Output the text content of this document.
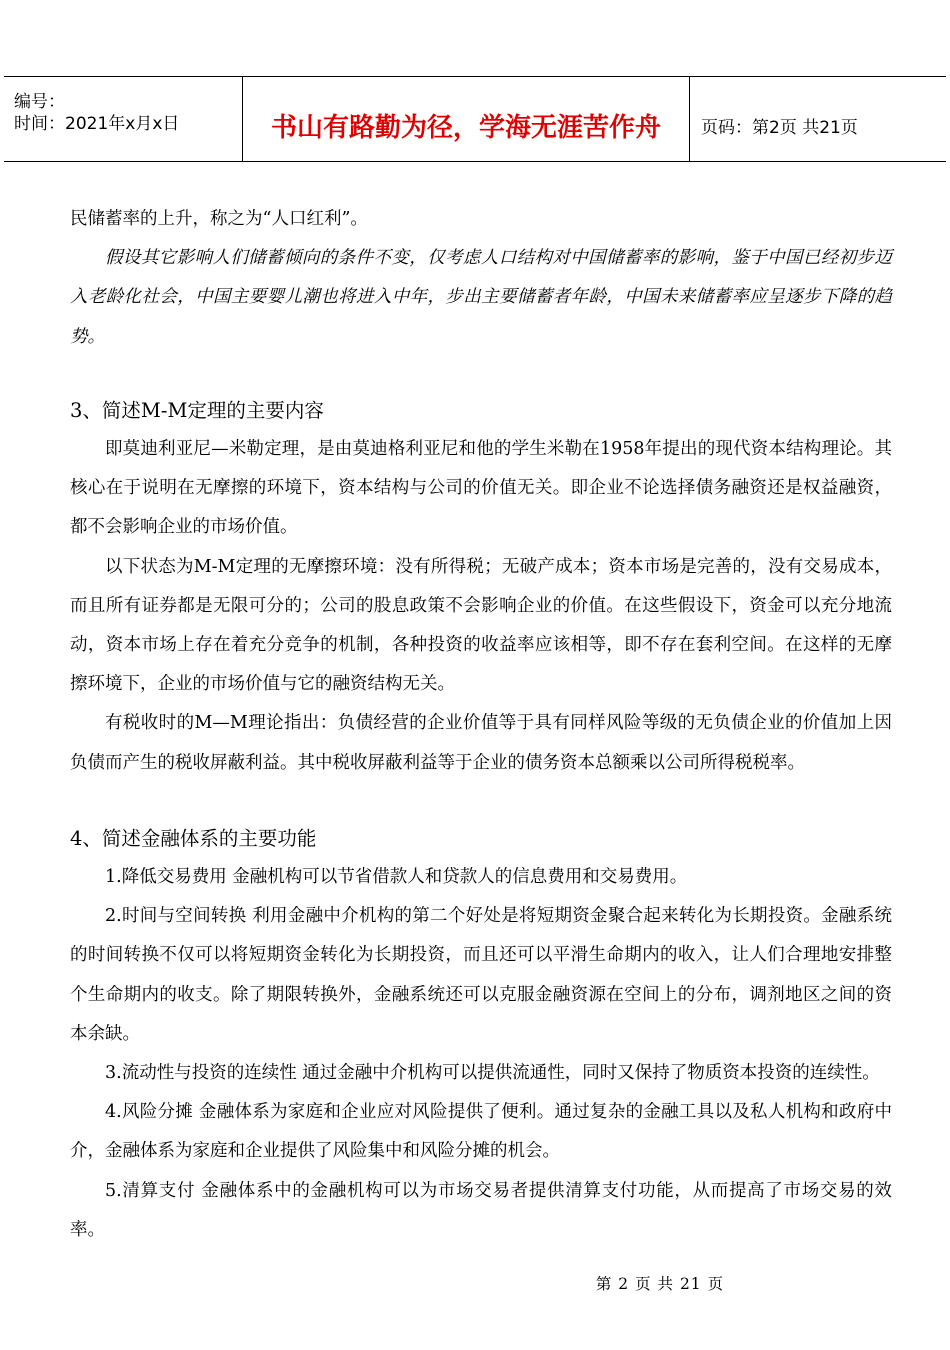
编号：
时间：2021年x月x日	书山有路勤为径，学海无涯苦作舟	页码：第2页 共21页

民储蓄率的上升，称之为“人口红利”。

假设其它影响人们储蓄倾向的条件不变，仅考虑人口结构对中国储蓄率的影响，鉴于中国已经初步迈入老龄化社会，中国主要婴儿潮也将进入中年，步出主要储蓄者年龄，中国未来储蓄率应呈逐步下降的趋势。

3、简述M-M定理的主要内容

即莫迪利亚尼—米勒定理，是由莫迪格利亚尼和他的学生米勒在1958年提出的现代资本结构理论。其核心在于说明在无摩擦的环境下，资本结构与公司的价值无关。即企业不论选择债务融资还是权益融资，都不会影响企业的市场价值。

以下状态为M-M定理的无摩擦环境：没有所得税；无破产成本；资本市场是完善的，没有交易成本，而且所有证券都是无限可分的；公司的股息政策不会影响企业的价值。在这些假设下，资金可以充分地流动，资本市场上存在着充分竞争的机制，各种投资的收益率应该相等，即不存在套利空间。在这样的无摩擦环境下，企业的市场价值与它的融资结构无关。

有税收时的M—M理论指出：负债经营的企业价值等于具有同样风险等级的无负债企业的价值加上因负债而产生的税收屏蔽利益。其中税收屏蔽利益等于企业的债务资本总额乘以公司所得税税率。

4、简述金融体系的主要功能

1.降低交易费用 金融机构可以节省借款人和贷款人的信息费用和交易费用。

2.时间与空间转换 利用金融中介机构的第二个好处是将短期资金聚合起来转化为长期投资。金融系统的时间转换不仅可以将短期资金转化为长期投资，而且还可以平滑生命期内的收入，让人们合理地安排整个生命期内的收支。除了期限转换外，金融系统还可以克服金融资源在空间上的分布，调剂地区之间的资本余缺。

3.流动性与投资的连续性 通过金融中介机构可以提供流通性，同时又保持了物质资本投资的连续性。

4.风险分摊 金融体系为家庭和企业应对风险提供了便利。通过复杂的金融工具以及私人机构和政府中介，金融体系为家庭和企业提供了风险集中和风险分摊的机会。

5.清算支付 金融体系中的金融机构可以为市场交易者提供清算支付功能，从而提高了市场交易的效率。

第 2 页 共 21 页
